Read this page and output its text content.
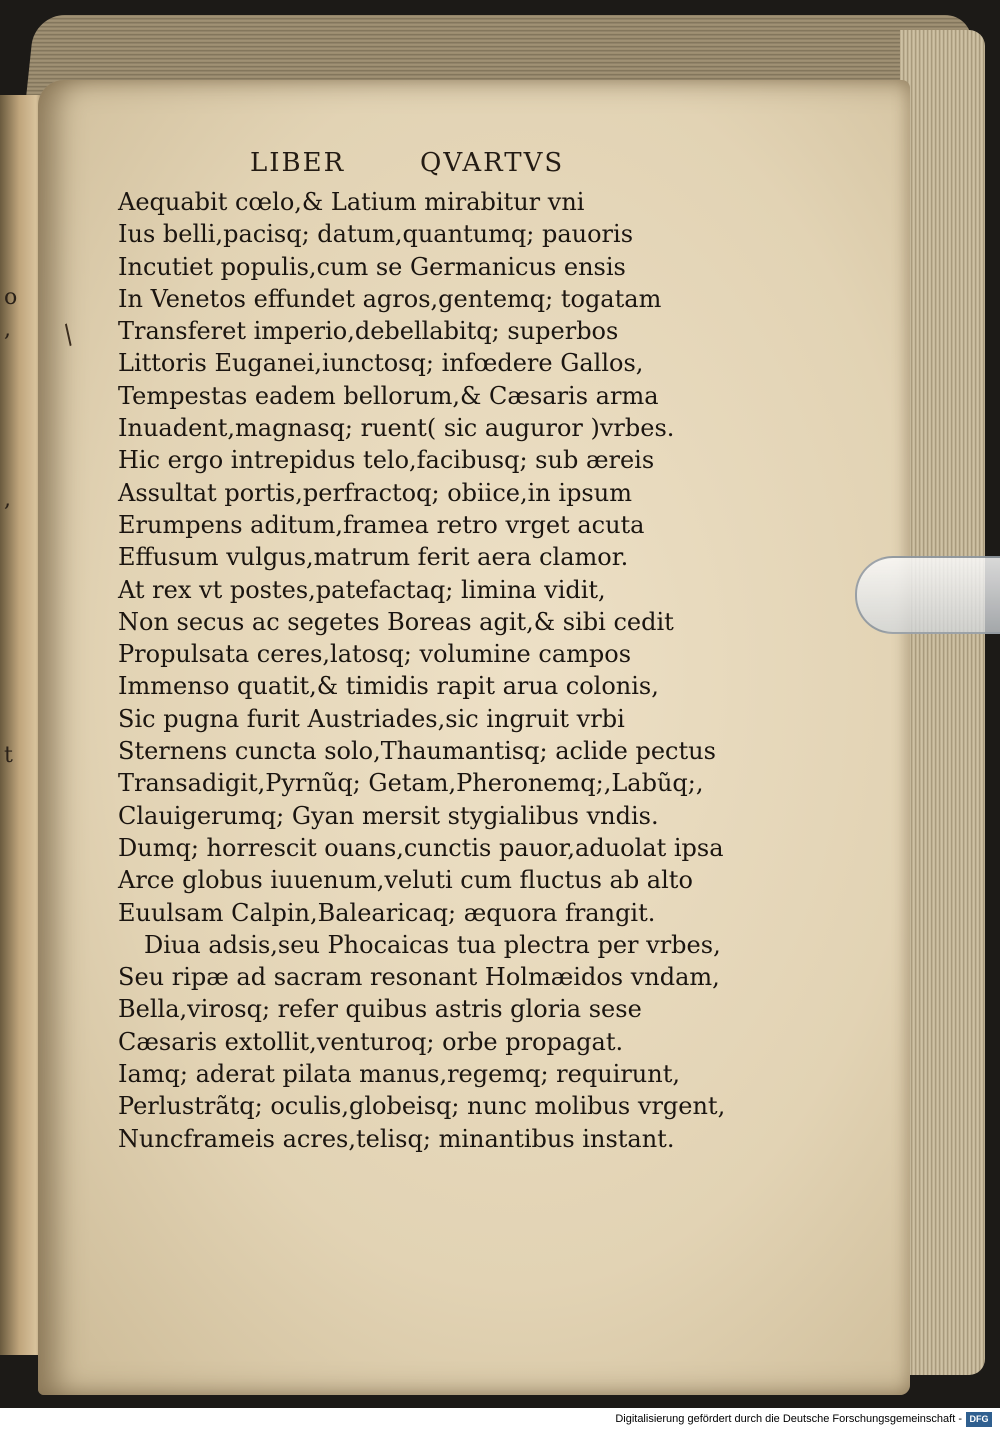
o
,
,
t
/
LIBER	QVARTVS
Aequabit cœlo,& Latium mirabitur vni
Ius belli,pacisq; datum,quantumq; pauoris
Incutiet populis,cum se Germanicus ensis
In Venetos effundet agros,gentemq; togatam
Transferet imperio,debellabitq; superbos
Littoris Euganei,iunctosq; infœdere Gallos,
Tempestas eadem bellorum,& Cæsaris arma
Inuadent,magnasq; ruent( sic auguror )vrbes.
Hic ergo intrepidus telo,facibusq; sub æreis
Assultat portis,perfractoq; obiice,in ipsum
Erumpens aditum,framea retro vrget acuta
Effusum vulgus,matrum ferit aera clamor.
At rex vt postes,patefactaq; limina vidit,
Non secus ac segetes Boreas agit,& sibi cedit
Propulsata ceres,latosq; volumine campos
Immenso quatit,& timidis rapit arua colonis,
Sic pugna furit Austriades,sic ingruit vrbi
Sternens cuncta solo,Thaumantisq; aclide pectus
Transadigit,Pyrnũq; Getam,Pheronemq;,Labũq;,
Clauigerumq; Gyan mersit stygialibus vndis.
Dumq; horrescit ouans,cunctis pauor,aduolat ipsa
Arce globus iuuenum,veluti cum fluctus ab alto
Euulsam Calpin,Balearicaq; æquora frangit.
Diua adsis,seu Phocaicas tua plectra per vrbes,
Seu ripæ ad sacram resonant Holmæidos vndam,
Bella,virosq; refer quibus astris gloria sese
Cæsaris extollit,venturoq; orbe propagat.
Iamq; aderat pilata manus,regemq; requirunt,
Perlustrãtq; oculis,globeisq; nunc molibus vrgent,
Nuncframeis acres,telisq; minantibus instant.
Digitalisierung gefördert durch die Deutsche Forschungsgemeinschaft - DFG
